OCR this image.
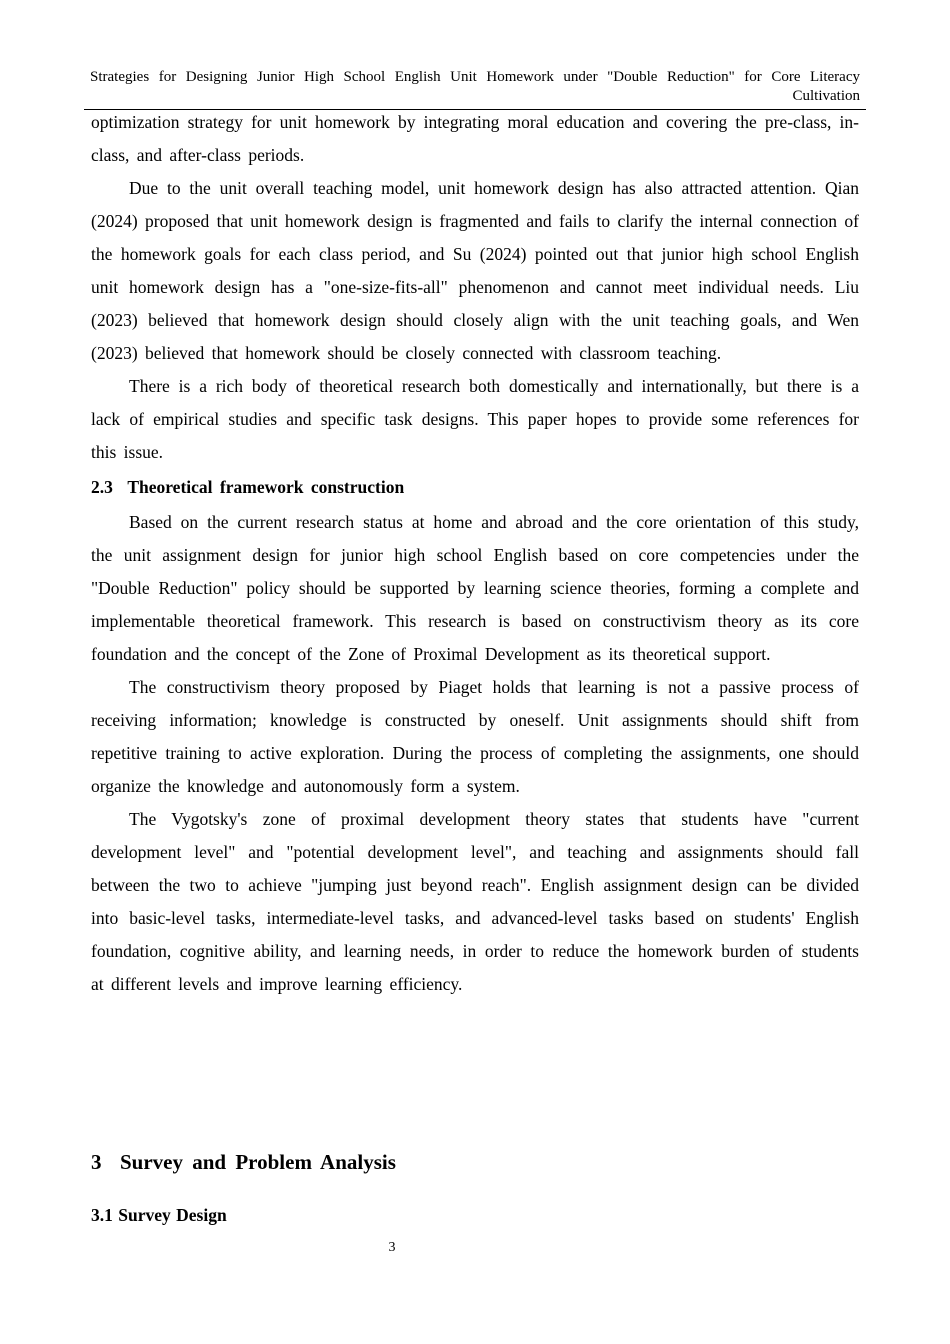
Strategies for Designing Junior High School English Unit Homework under "Double Reduction" for Core Literacy Cultivation

optimization strategy for unit homework by integrating moral education and covering the pre-class, in-class, and after-class periods.

Due to the unit overall teaching model, unit homework design has also attracted attention. Qian (2024) proposed that unit homework design is fragmented and fails to clarify the internal connection of the homework goals for each class period, and Su (2024) pointed out that junior high school English unit homework design has a "one-size-fits-all" phenomenon and cannot meet individual needs. Liu (2023) believed that homework design should closely align with the unit teaching goals, and Wen (2023) believed that homework should be closely connected with classroom teaching.

There is a rich body of theoretical research both domestically and internationally, but there is a lack of empirical studies and specific task designs. This paper hopes to provide some references for this issue.

2.3 Theoretical framework construction

Based on the current research status at home and abroad and the core orientation of this study, the unit assignment design for junior high school English based on core competencies under the "Double Reduction" policy should be supported by learning science theories, forming a complete and implementable theoretical framework. This research is based on constructivism theory as its core foundation and the concept of the Zone of Proximal Development as its theoretical support.

The constructivism theory proposed by Piaget holds that learning is not a passive process of receiving information; knowledge is constructed by oneself. Unit assignments should shift from repetitive training to active exploration. During the process of completing the assignments, one should organize the knowledge and autonomously form a system.

The Vygotsky's zone of proximal development theory states that students have "current development level" and "potential development level", and teaching and assignments should fall between the two to achieve "jumping just beyond reach". English assignment design can be divided into basic-level tasks, intermediate-level tasks, and advanced-level tasks based on students' English foundation, cognitive ability, and learning needs, in order to reduce the homework burden of students at different levels and improve learning efficiency.

3 Survey and Problem Analysis
3.1 Survey Design
3
